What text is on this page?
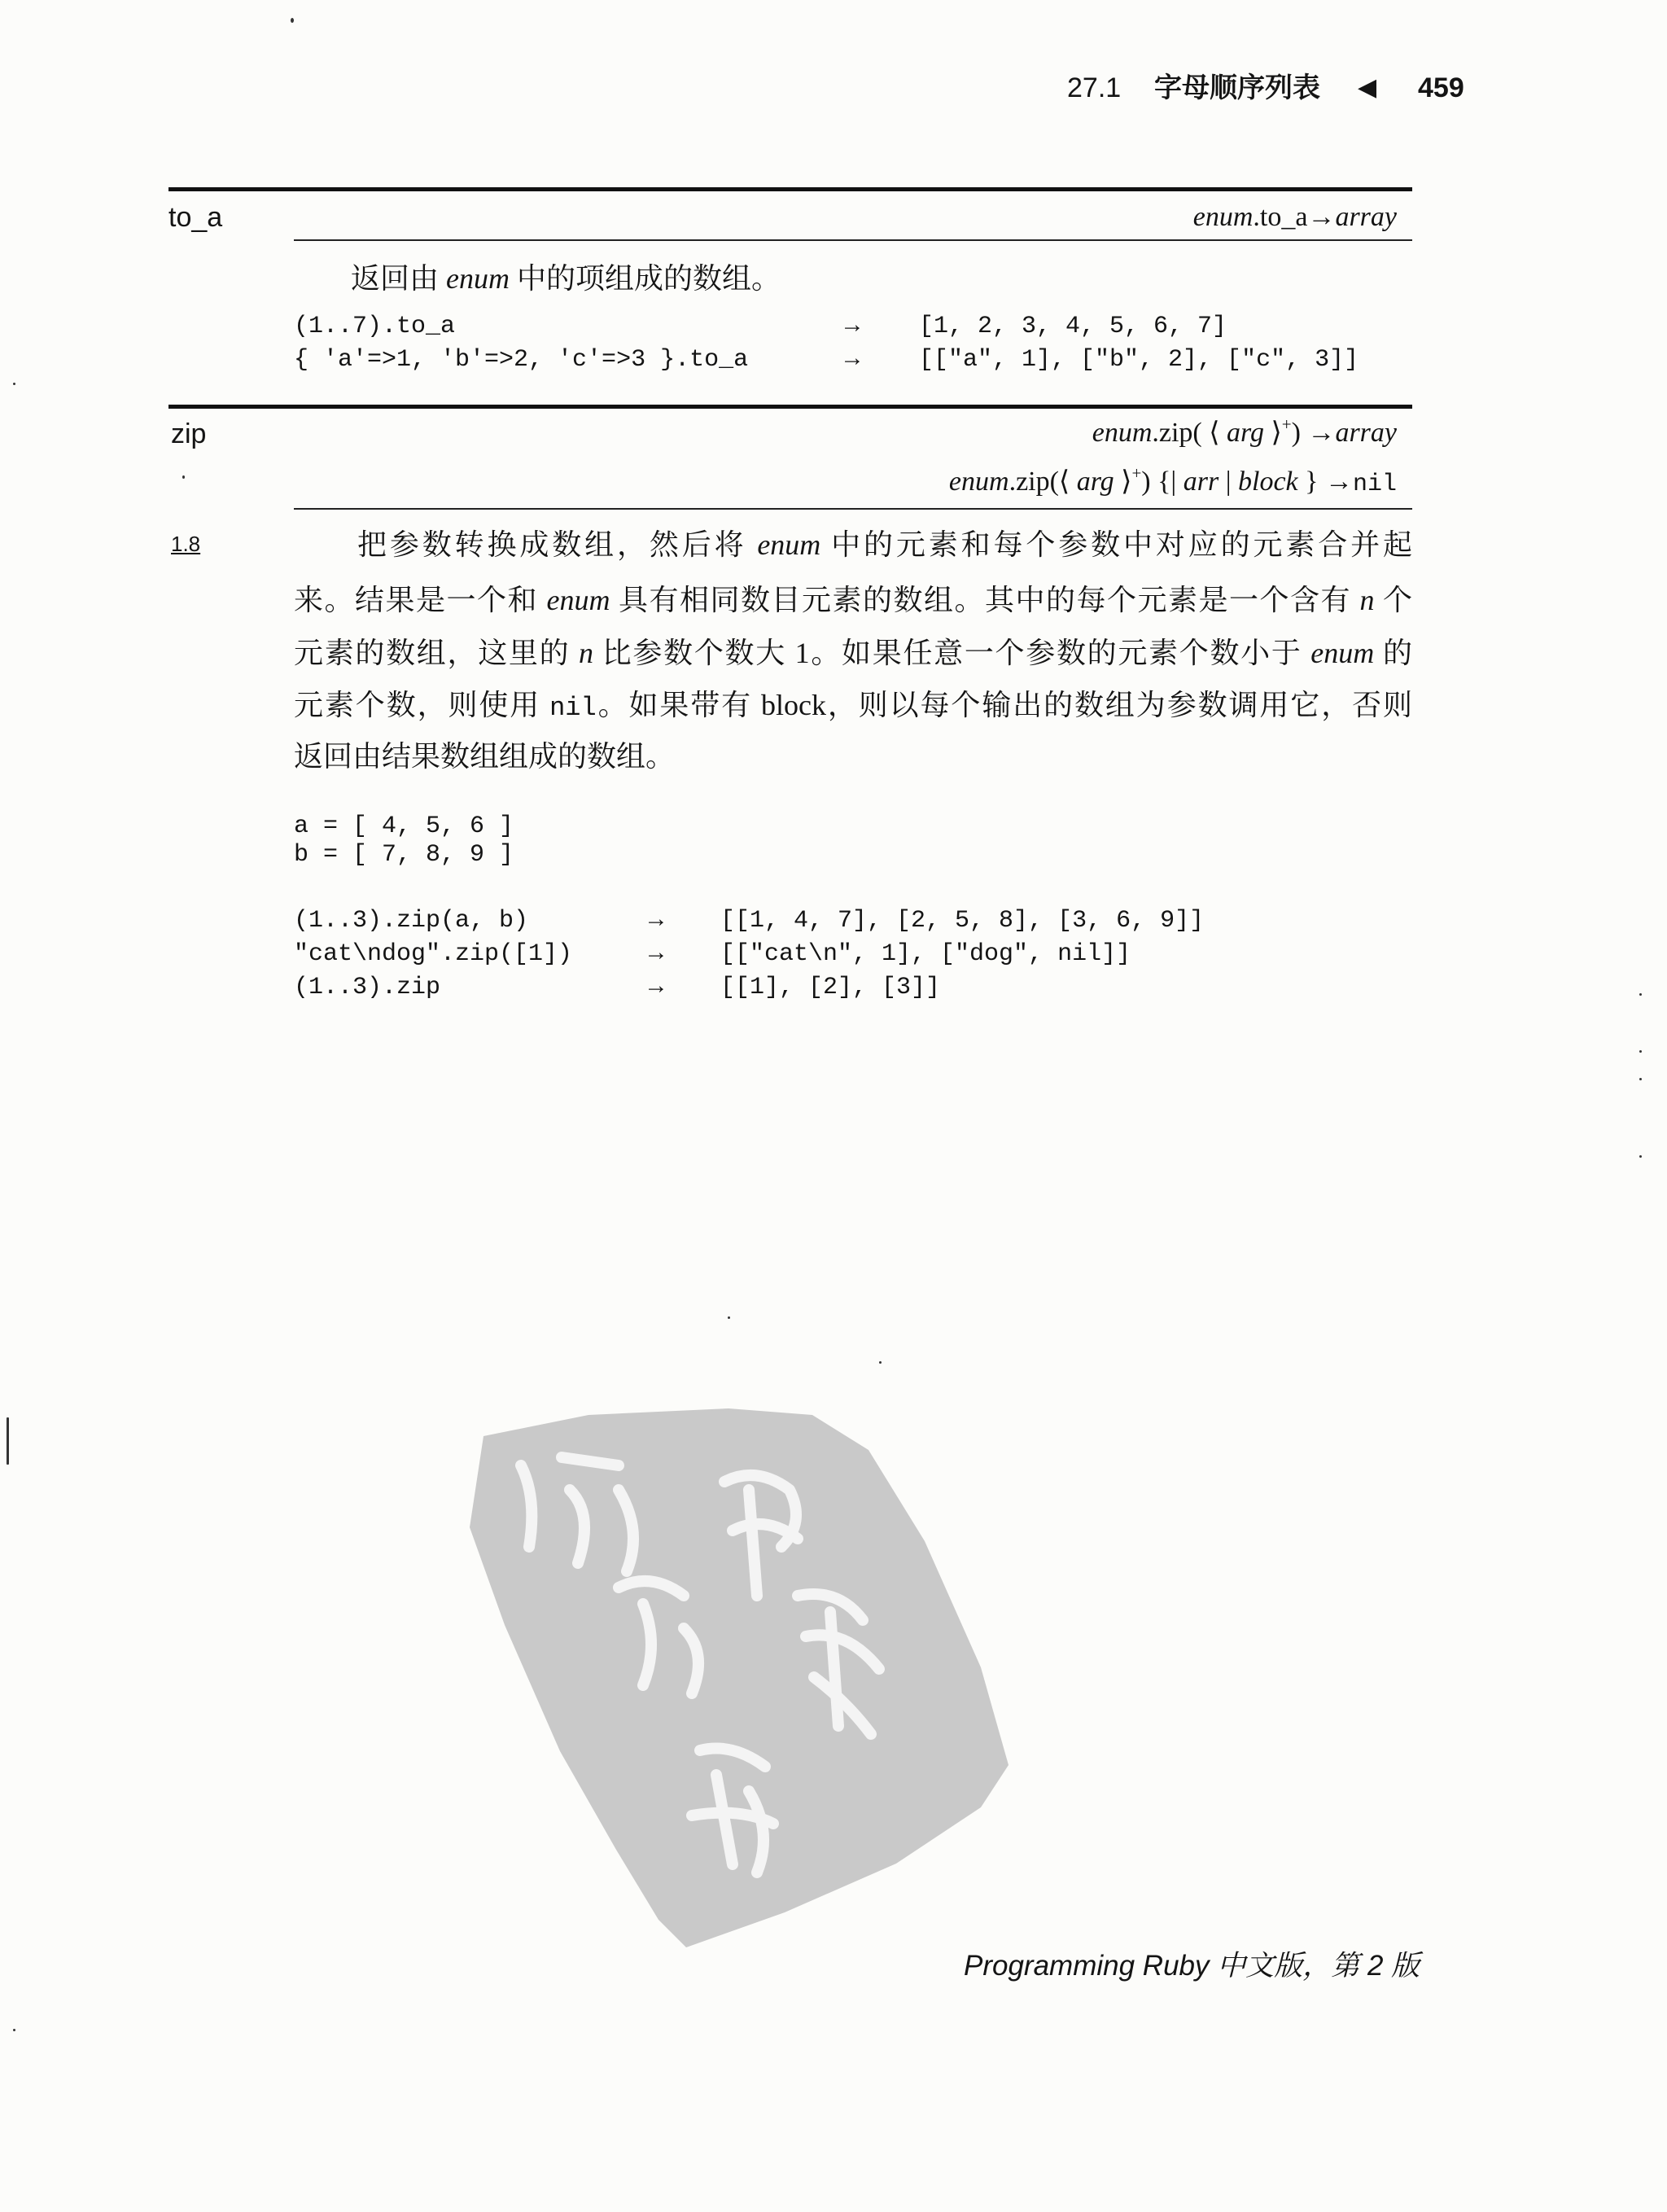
27.1 字母顺序列表 ◀ 459
to_a	enum.to_a→array
返回由 enum 中的项组成的数组。
(1..7).to_a	→ [1, 2, 3, 4, 5, 6, 7]
{ 'a'=>1, 'b'=>2, 'c'=>3 }.to_a	→ [["a", 1], ["b", 2], ["c", 3]]
zip	enum.zip( ⟨ arg ⟩+) →array
enum.zip(⟨ arg ⟩+) {| arr | block } →nil
1.8	把参数转换成数组，然后将 enum 中的元素和每个参数中对应的元素合并起
来。结果是一个和 enum 具有相同数目元素的数组。其中的每个元素是一个含有 n 个
元素的数组，这里的 n 比参数个数大 1。如果任意一个参数的元素个数小于 enum 的
元素个数，则使用 nil。如果带有 block，则以每个输出的数组为参数调用它，否则
返回由结果数组组成的数组。
a = [ 4, 5, 6 ]
b = [ 7, 8, 9 ]
(1..3).zip(a, b)	→ [[1, 4, 7], [2, 5, 8], [3, 6, 9]]
"cat\ndog".zip([1])	→ [["cat\n", 1], ["dog", nil]]
(1..3).zip	→ [[1], [2], [3]]
Programming Ruby 中文版，第 2 版
